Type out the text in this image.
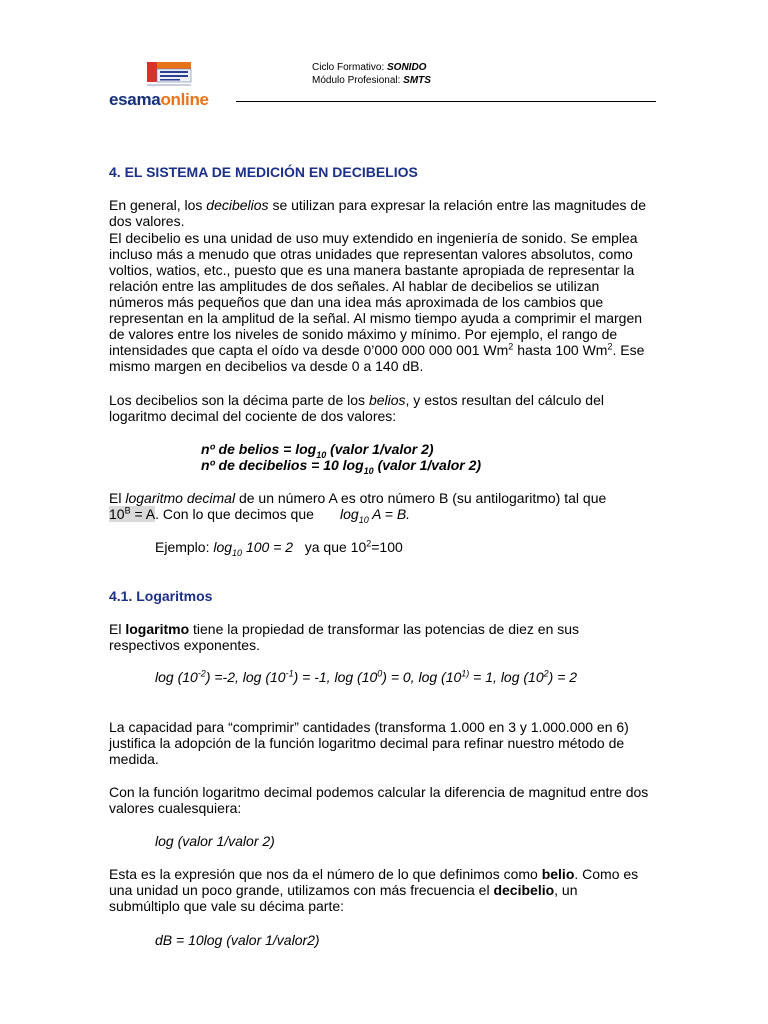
esamaonline
Ciclo Formativo: SONIDO
Módulo Profesional: SMTS
4. EL SISTEMA DE MEDICIÓN EN DECIBELIOS
En general, los decibelios se utilizan para expresar la relación entre las magnitudes de
dos valores.
El decibelio es una unidad de uso muy extendido en ingeniería de sonido. Se emplea
incluso más a menudo que otras unidades que representan valores absolutos, como
voltios, watios, etc., puesto que es una manera bastante apropiada de representar la
relación entre las amplitudes de dos señales. Al hablar de decibelios se utilizan
números más pequeños que dan una idea más aproximada de los cambios que
representan en la amplitud de la señal. Al mismo tiempo ayuda a comprimir el margen
de valores entre los niveles de sonido máximo y mínimo. Por ejemplo, el rango de
intensidades que capta el oído va desde 0’000 000 000 001 Wm$^2$ hasta 100 Wm$^2$. Ese
mismo margen en decibelios va desde 0 a 140 dB.
Los decibelios son la décima parte de los belios, y estos resultan del cálculo del
logaritmo decimal del cociente de dos valores:
nº de belios = $\log_{10}$ (valor 1/valor 2)
nº de decibelios = 10 $\log_{10}$ (valor 1/valor 2)
El logaritmo decimal de un número A es otro número B (su antilogaritmo) tal que
$10^B = A$. Con lo que decimos que $\log_{10} A = B$.
Ejemplo: $\log_{10} 100 = 2$   ya que $10^2=100$
4.1. Logaritmos
El logaritmo tiene la propiedad de transformar las potencias de diez en sus
respectivos exponentes.
$\log (10^{-2}) =-2$, $\log (10^{-1}) = -1$, $\log (10^0) = 0$, $\log (10^{1)} = 1$, $\log (10^2) = 2$
La capacidad para “comprimir” cantidades (transforma 1.000 en 3 y 1.000.000 en 6)
justifica la adopción de la función logaritmo decimal para refinar nuestro método de
medida.
Con la función logaritmo decimal podemos calcular la diferencia de magnitud entre dos
valores cualesquiera:
log (valor 1/valor 2)
Esta es la expresión que nos da el número de lo que definimos como belio. Como es
una unidad un poco grande, utilizamos con más frecuencia el decibelio, un
submúltiplo que vale su décima parte:
dB = 10log (valor 1/valor2)
